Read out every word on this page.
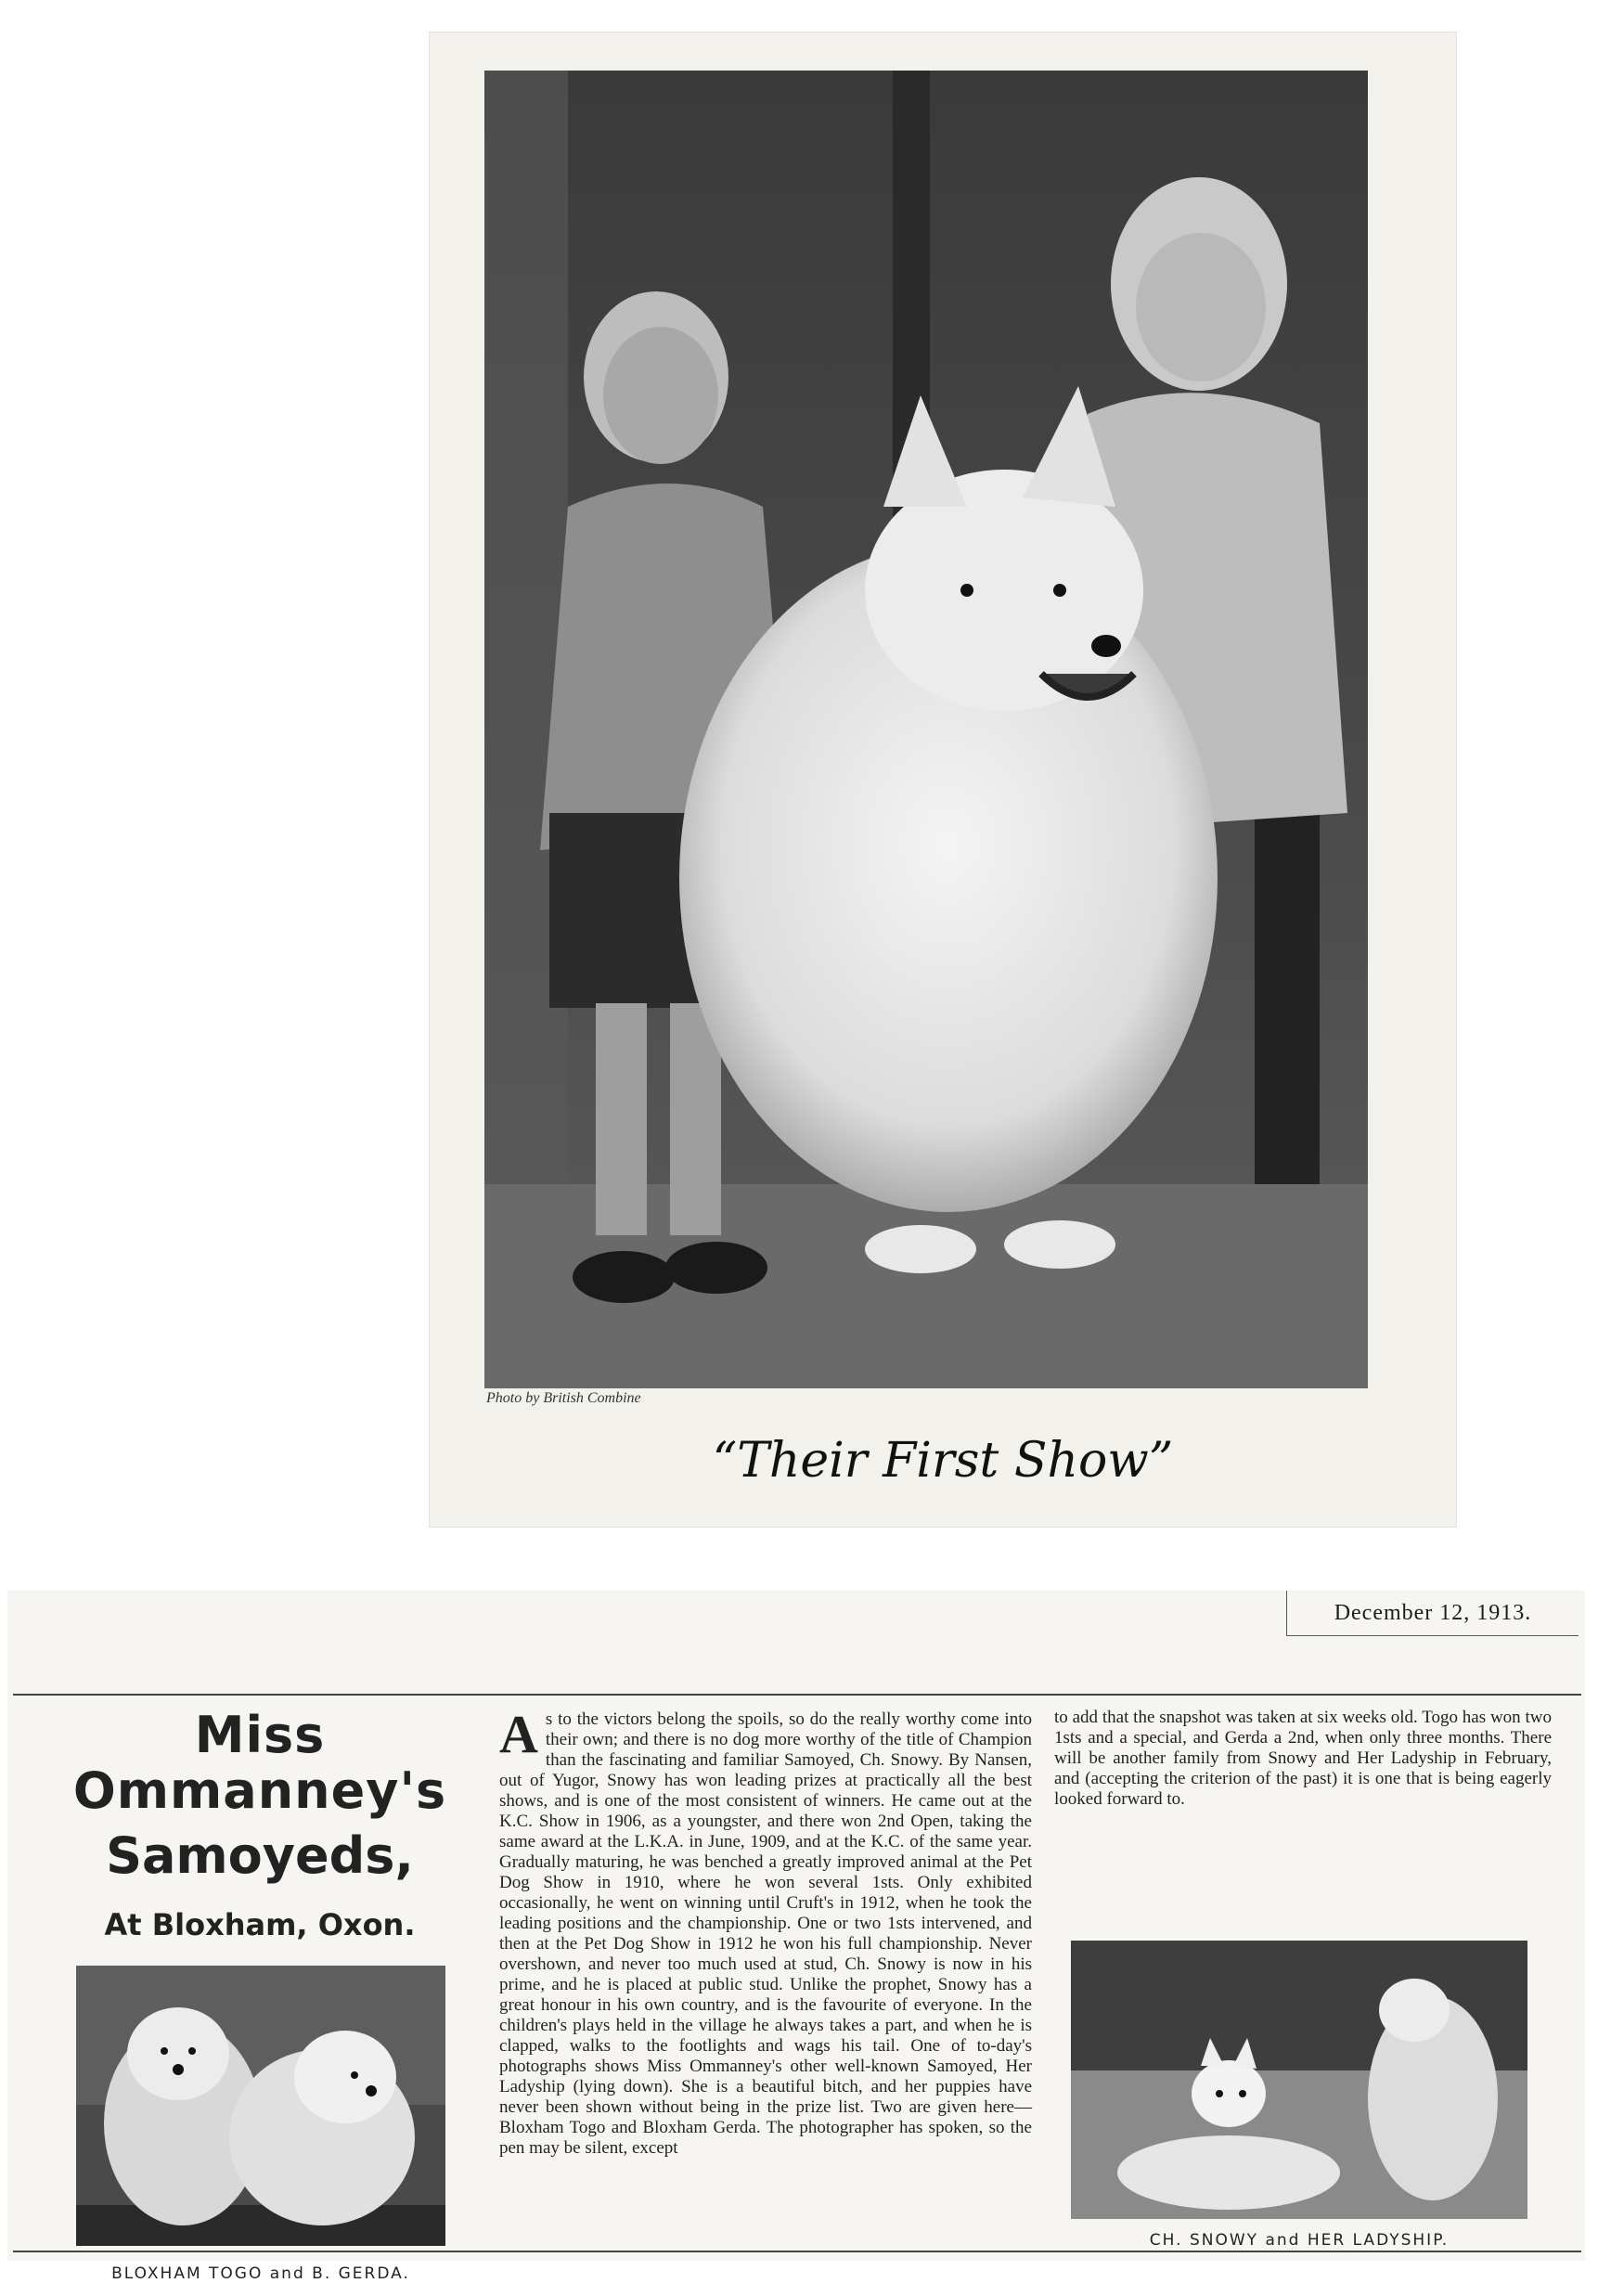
Photo by British Combine
“Their First Show”
December 12, 1913.
Miss Ommanney's
Samoyeds,
At Bloxham, Oxon.
BLOXHAM TOGO and B. GERDA.
CH. SNOWY and HER LADYSHIP.
As to the victors belong the spoils, so do the really worthy come into their own; and there is no dog more worthy of the title of Champion than the fascinating and familiar Samoyed, Ch. Snowy. By Nansen, out of Yugor, Snowy has won leading prizes at practically all the best shows, and is one of the most consistent of winners. He came out at the K.C. Show in 1906, as a youngster, and there won 2nd Open, taking the same award at the L.K.A. in June, 1909, and at the K.C. of the same year. Gradually maturing, he was benched a greatly improved animal at the Pet Dog Show in 1910, where he won several 1sts. Only exhibited occasionally, he went on winning until Cruft's in 1912, when he took the leading positions and the championship. One or two 1sts intervened, and then at the Pet Dog Show in 1912 he won his full championship. Never overshown, and never too much used at stud, Ch. Snowy is now in his prime, and he is placed at public stud. Unlike the prophet, Snowy has a great honour in his own country, and is the favourite of everyone. In the children's plays held in the village he always takes a part, and when he is clapped, walks to the footlights and wags his tail. One of to-day's photographs shows Miss Ommanney's other well-known Samoyed, Her Ladyship (lying down). She is a beautiful bitch, and her puppies have never been shown without being in the prize list. Two are given here—Bloxham Togo and Bloxham Gerda. The photographer has spoken, so the pen may be silent, except
to add that the snapshot was taken at six weeks old. Togo has won two 1sts and a special, and Gerda a 2nd, when only three months. There will be another family from Snowy and Her Ladyship in February, and (accepting the criterion of the past) it is one that is being eagerly looked forward to.
